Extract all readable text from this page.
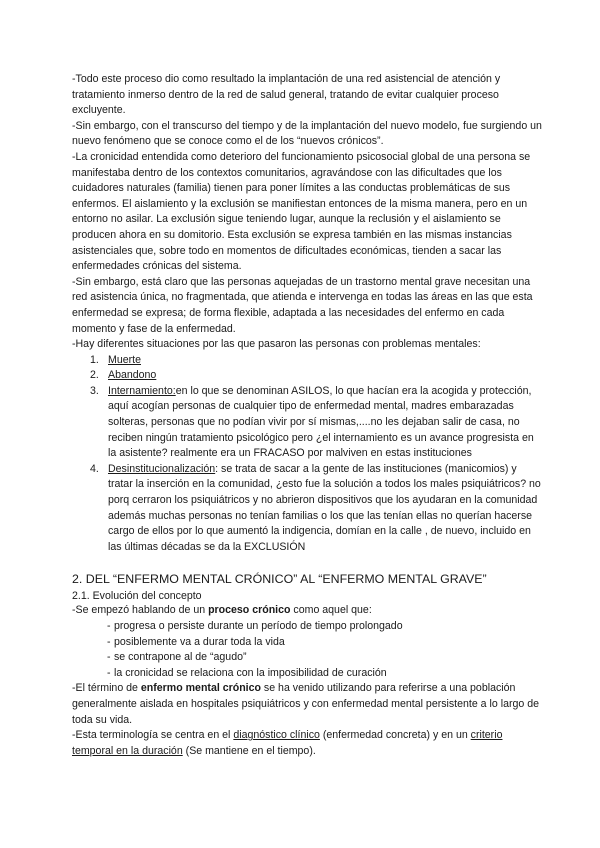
-Todo este proceso dio como resultado la implantación de una red asistencial de atención y tratamiento inmerso dentro de la red de salud general, tratando de evitar cualquier proceso excluyente.

-Sin embargo, con el transcurso del tiempo y de la implantación del nuevo modelo, fue surgiendo un nuevo fenómeno que se conoce como el de los “nuevos crónicos”.

-La cronicidad entendida como deterioro del funcionamiento psicosocial global de una persona se manifestaba dentro de los contextos comunitarios, agravándose con las dificultades que los cuidadores naturales (familia) tienen para poner límites a las conductas problemáticas de sus enfermos. El aislamiento y la exclusión se manifiestan entonces de la misma manera, pero en un entorno no asilar. La exclusión sigue teniendo lugar, aunque la reclusión y el aislamiento se producen ahora en su domitorio. Esta exclusión se expresa también en las mismas instancias asistenciales que, sobre todo en momentos de dificultades económicas, tienden a sacar las enfermedades crónicas del sistema.

-Sin embargo, está claro que las personas aquejadas de un trastorno mental grave necesitan una red asistencia única, no fragmentada, que atienda e intervenga en todas las áreas en las que esta enfermedad se expresa; de forma flexible, adaptada a las necesidades del enfermo en cada momento y fase de la enfermedad.

-Hay diferentes situaciones por las que pasaron las personas con problemas mentales:

1. Muerte
2. Abandono
3. Internamiento:en lo que se denominan ASILOS, lo que hacían era la acogida y protección, aquí acogían personas de cualquier tipo de enfermedad mental, madres embarazadas solteras, personas que no podían vivir por sí mismas,....no les dejaban salir de casa, no reciben ningún tratamiento psicológico pero ¿el internamiento es un avance progresista en la asistente? realmente era un FRACASO por malviven en estas instituciones
4. Desinstitucionalización: se trata de sacar a la gente de las instituciones (manicomios) y tratar la inserción en la comunidad, ¿esto fue la solución a todos los males psiquiátricos? no porq cerraron los psiquiátricos y no abrieron dispositivos que los ayudaran en la comunidad además muchas personas no tenían familias o los que las tenían ellas no querían hacerse cargo de ellos por lo que aumentó la indigencia, domían en la calle , de nuevo, incluido en las últimas décadas se da la EXCLUSIÓN
2. DEL “ENFERMO MENTAL CRÓNICO” AL “ENFERMO MENTAL GRAVE”

2.1. Evolución del concepto

-Se empezó hablando de un proceso crónico como aquel que:

- progresa o persiste durante un período de tiempo prolongado
- posiblemente va a durar toda la vida
- se contrapone al de “agudo”
- la cronicidad se relaciona con la imposibilidad de curación

-El término de enfermo mental crónico se ha venido utilizando para referirse a una población generalmente aislada en hospitales psiquiátricos y con enfermedad mental persistente a lo largo de toda su vida.

-Esta terminología se centra en el diagnóstico clínico (enfermedad concreta) y en un criterio temporal en la duración (Se mantiene en el tiempo).
